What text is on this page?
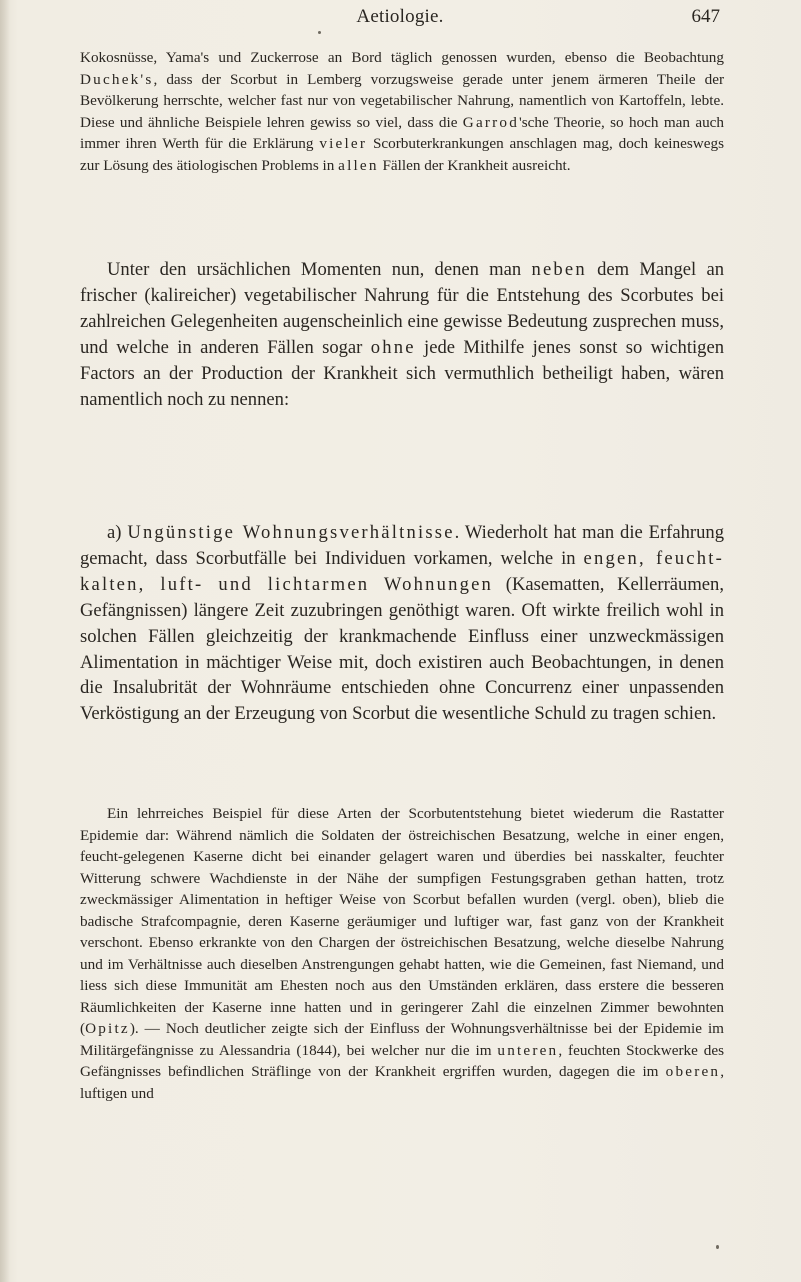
Aetiologie.	647

Kokosnüsse, Yama's und Zuckerrose an Bord täglich genossen wurden, ebenso die Beobachtung Duchek's, dass der Scorbut in Lemberg vorzugsweise gerade unter jenem ärmeren Theile der Bevölkerung herrschte, welcher fast nur von vegetabilischer Nahrung, namentlich von Kartoffeln, lebte. Diese und ähnliche Beispiele lehren gewiss so viel, dass die Garrod'sche Theorie, so hoch man auch immer ihren Werth für die Erklärung vieler Scorbuterkrankungen anschlagen mag, doch keineswegs zur Lösung des ätiologischen Problems in allen Fällen der Krankheit ausreicht.

Unter den ursächlichen Momenten nun, denen man neben dem Mangel an frischer (kalireicher) vegetabilischer Nahrung für die Entstehung des Scorbutes bei zahlreichen Gelegenheiten augenscheinlich eine gewisse Bedeutung zusprechen muss, und welche in anderen Fällen sogar ohne jede Mithilfe jenes sonst so wichtigen Factors an der Production der Krankheit sich vermuthlich betheiligt haben, wären namentlich noch zu nennen:

a) Ungünstige Wohnungsverhältnisse. Wiederholt hat man die Erfahrung gemacht, dass Scorbutfälle bei Individuen vorkamen, welche in engen, feucht-kalten, luft- und lichtarmen Wohnungen (Kasematten, Kellerräumen, Gefängnissen) längere Zeit zuzubringen genöthigt waren. Oft wirkte freilich wohl in solchen Fällen gleichzeitig der krankmachende Einfluss einer unzweckmässigen Alimentation in mächtiger Weise mit, doch existiren auch Beobachtungen, in denen die Insalubrität der Wohnräume entschieden ohne Concurrenz einer unpassenden Verköstigung an der Erzeugung von Scorbut die wesentliche Schuld zu tragen schien.

Ein lehrreiches Beispiel für diese Arten der Scorbutentstehung bietet wiederum die Rastatter Epidemie dar: Während nämlich die Soldaten der östreichischen Besatzung, welche in einer engen, feucht-gelegenen Kaserne dicht bei einander gelagert waren und überdies bei nasskalter, feuchter Witterung schwere Wachdienste in der Nähe der sumpfigen Festungsgraben gethan hatten, trotz zweckmässiger Alimentation in heftiger Weise von Scorbut befallen wurden (vergl. oben), blieb die badische Strafcompagnie, deren Kaserne geräumiger und luftiger war, fast ganz von der Krankheit verschont. Ebenso erkrankte von den Chargen der östreichischen Besatzung, welche dieselbe Nahrung und im Verhältnisse auch dieselben Anstrengungen gehabt hatten, wie die Gemeinen, fast Niemand, und liess sich diese Immunität am Ehesten noch aus den Umständen erklären, dass erstere die besseren Räumlichkeiten der Kaserne inne hatten und in geringerer Zahl die einzelnen Zimmer bewohnten (Opitz). — Noch deutlicher zeigte sich der Einfluss der Wohnungsverhältnisse bei der Epidemie im Militärgefängnisse zu Alessandria (1844), bei welcher nur die im unteren, feuchten Stockwerke des Gefängnisses befindlichen Sträflinge von der Krankheit ergriffen wurden, dagegen die im oberen, luftigen und
